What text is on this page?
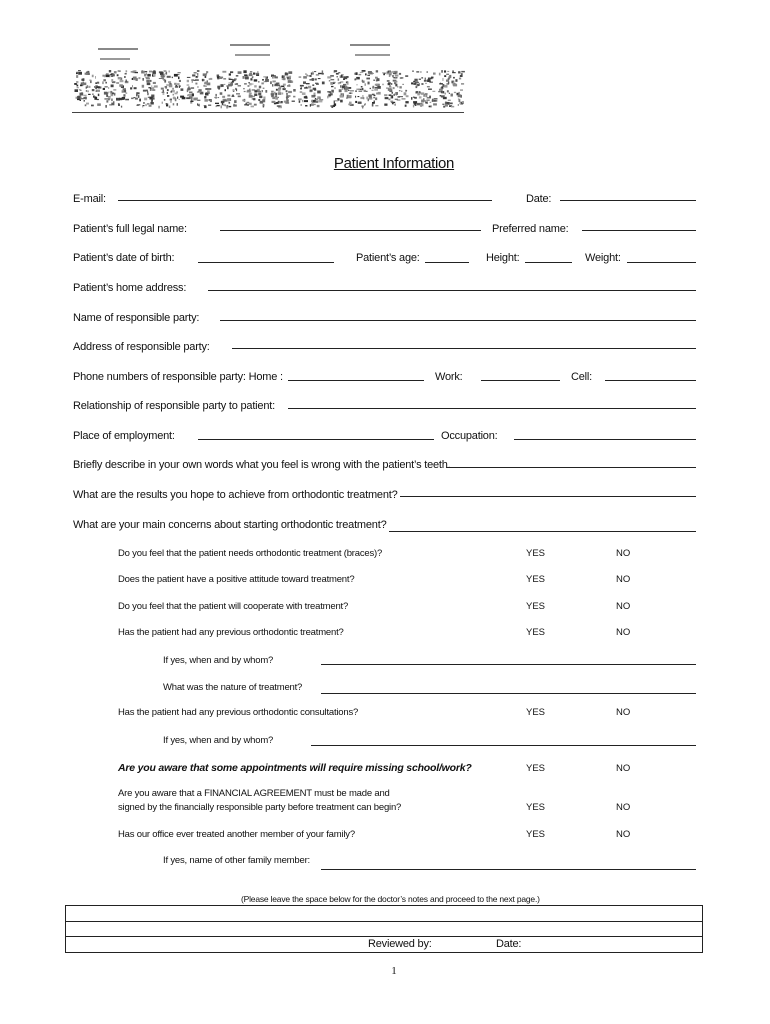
Patient Information
E-mail:	Date:
Patient’s full legal name:	Preferred name:
Patient’s date of birth:	Patient’s age:	Height:	Weight:
Patient’s home address:
Name of responsible party:
Address of responsible party:
Phone numbers of responsible party: Home :	Work:	Cell:
Relationship of responsible party to patient:
Place of employment:	Occupation:
Briefly describe in your own words what you feel is wrong with the patient’s teeth.
What are the results you hope to achieve from orthodontic treatment?
What are your main concerns about starting orthodontic treatment?
Do you feel that the patient needs orthodontic treatment (braces)?	YES	NO
Does the patient have a positive attitude toward treatment?	YES	NO
Do you feel that the patient will cooperate with treatment?	YES	NO
Has the patient had any previous orthodontic treatment?	YES	NO
If yes, when and by whom?
What was the nature of treatment?
Has the patient had any previous orthodontic consultations?	YES	NO
If yes, when and by whom?
Are you aware that some appointments will require missing school/work?	YES	NO
Are you aware that a FINANCIAL AGREEMENT must be made and
signed by the financially responsible party before treatment can begin?	YES	NO
Has our office ever treated another member of your family?	YES	NO
If yes, name of other family member:
(Please leave the space below for the doctor’s notes and proceed to the next page.)
Reviewed by:	Date:
1
